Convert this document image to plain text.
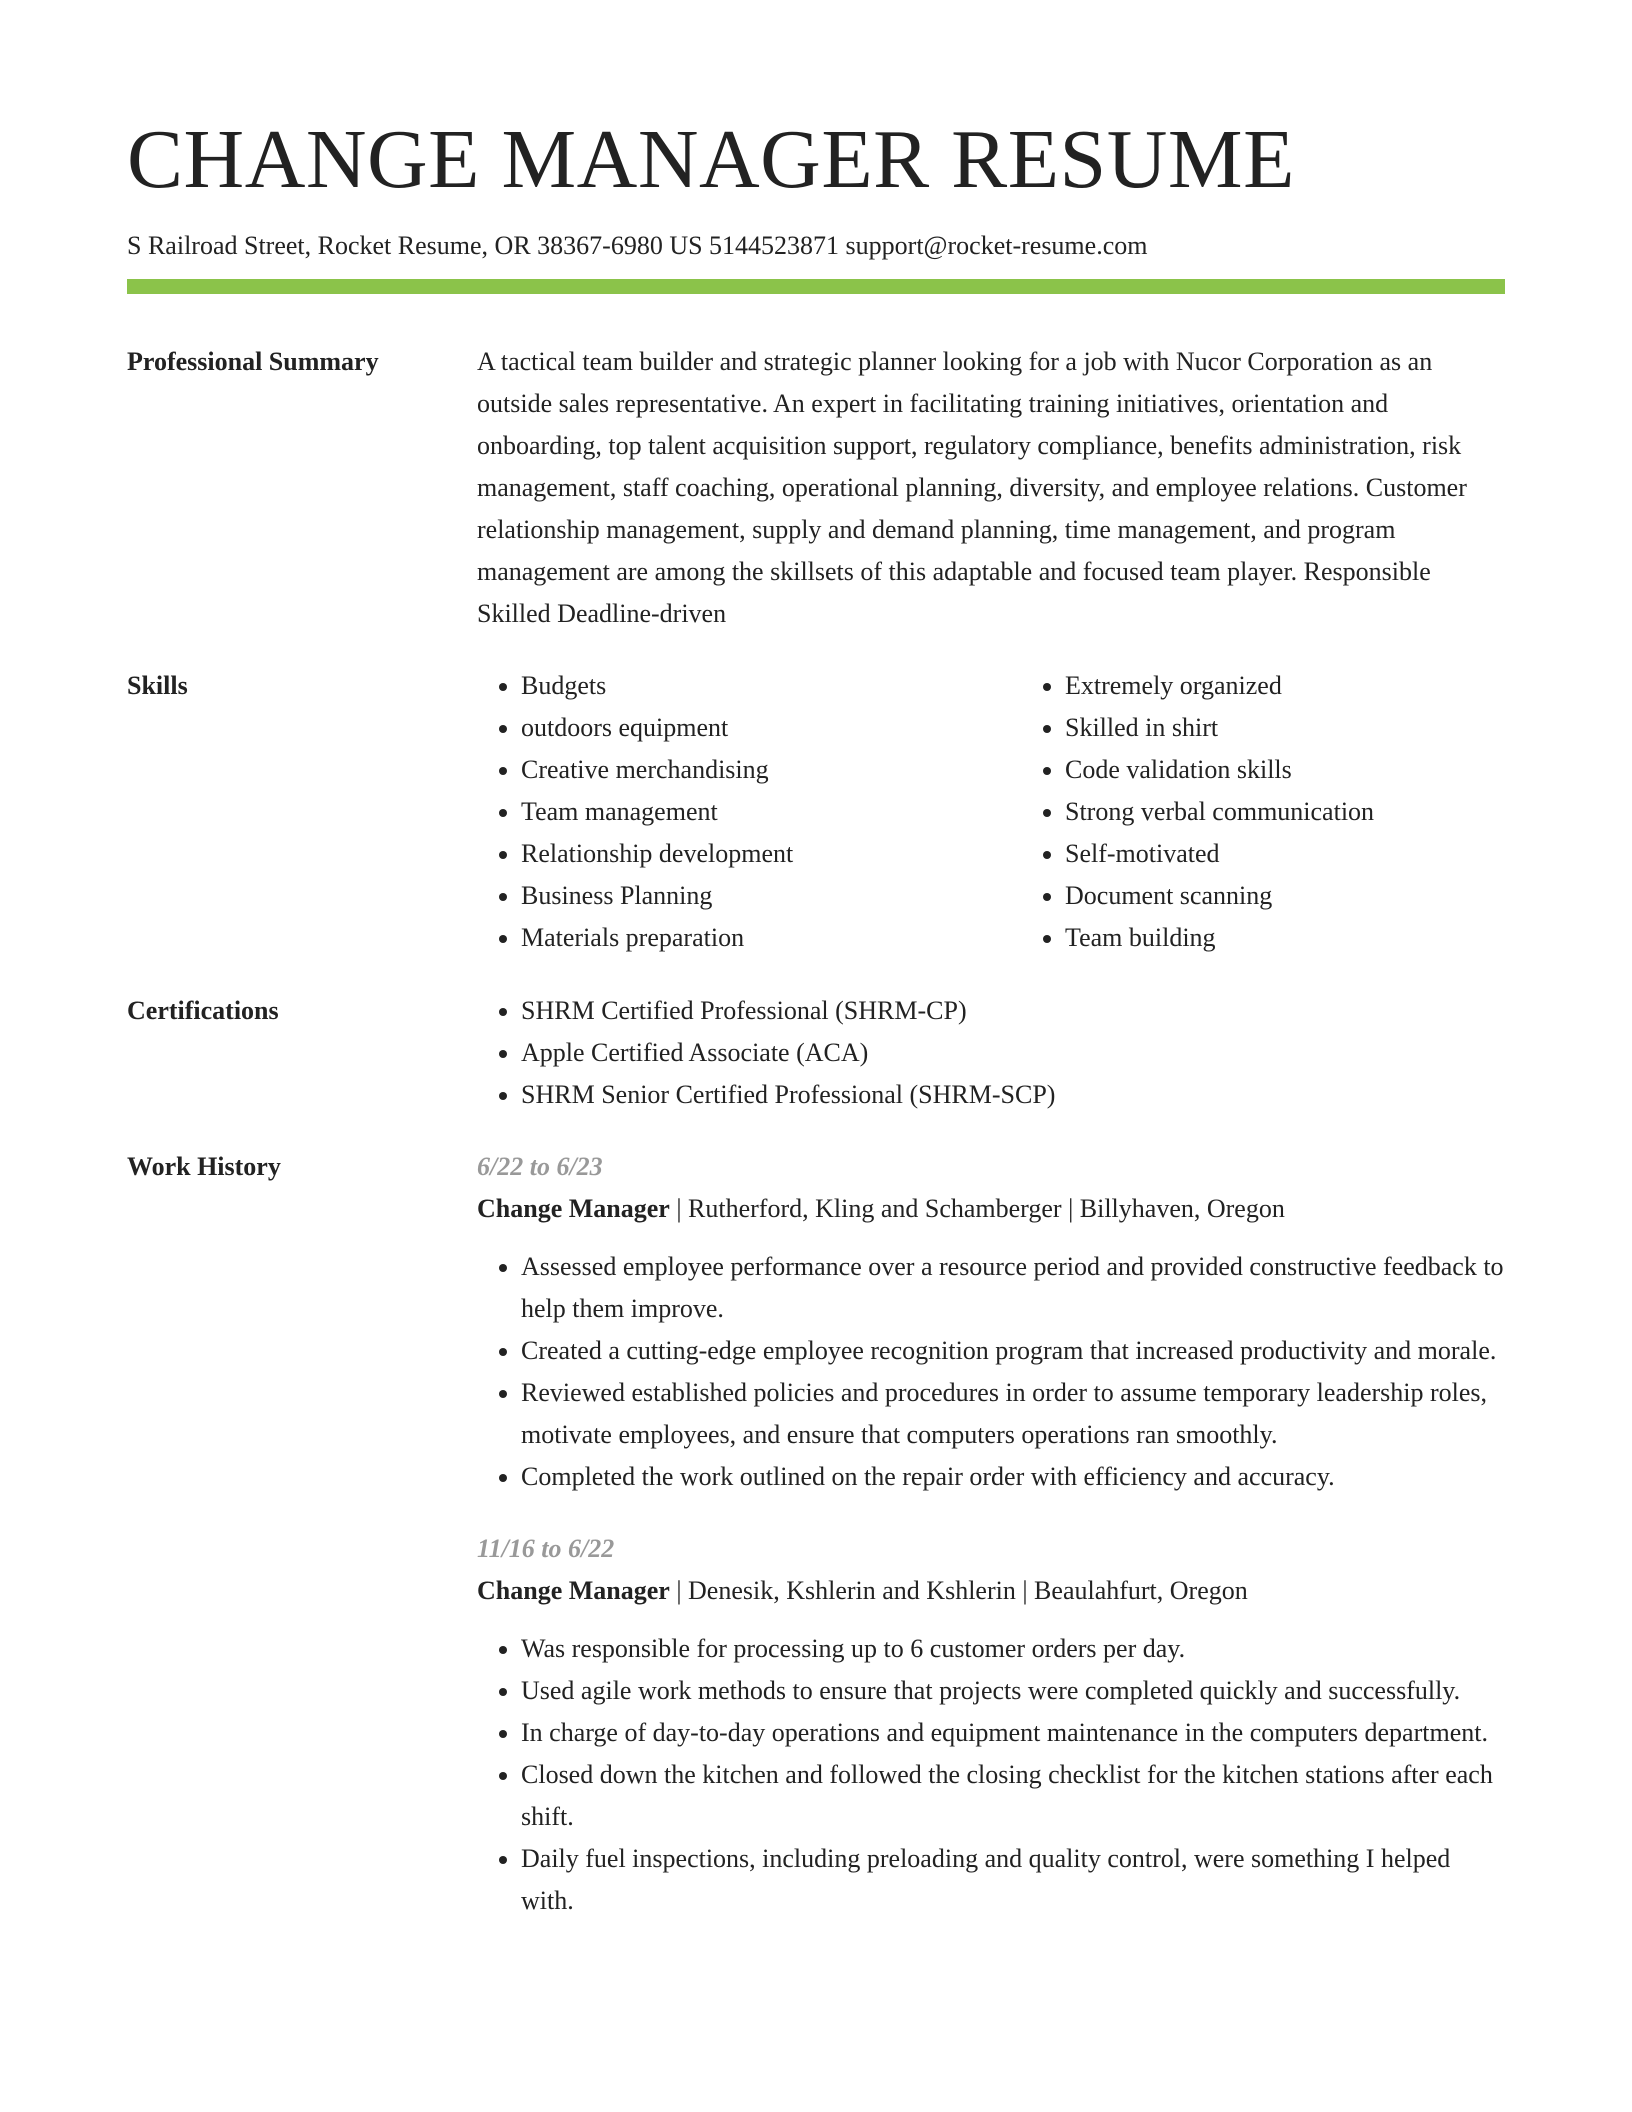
CHANGE MANAGER RESUME
S Railroad Street, Rocket Resume, OR 38367-6980 US 5144523871 support@rocket-resume.com
Professional Summary	A tactical team builder and strategic planner looking for a job with Nucor Corporation as an outside sales representative. An expert in facilitating training initiatives, orientation and onboarding, top talent acquisition support, regulatory compliance, benefits administration, risk management, staff coaching, operational planning, diversity, and employee relations. Customer relationship management, supply and demand planning, time management, and program management are among the skillsets of this adaptable and focused team player. Responsible Skilled Deadline-driven

Skills	• Budgets
• outdoors equipment
• Creative merchandising
• Team management
• Relationship development
• Business Planning
• Materials preparation
• Extremely organized
• Skilled in shirt
• Code validation skills
• Strong verbal communication
• Self-motivated
• Document scanning
• Team building
Certifications	• SHRM Certified Professional (SHRM-CP)
• Apple Certified Associate (ACA)
• SHRM Senior Certified Professional (SHRM-SCP)
Work History	6/22 to 6/23
Change Manager | Rutherford, Kling and Schamberger | Billyhaven, Oregon
• Assessed employee performance over a resource period and provided constructive feedback to help them improve.
• Created a cutting-edge employee recognition program that increased productivity and morale.
• Reviewed established policies and procedures in order to assume temporary leadership roles, motivate employees, and ensure that computers operations ran smoothly.
• Completed the work outlined on the repair order with efficiency and accuracy.
11/16 to 6/22
Change Manager | Denesik, Kshlerin and Kshlerin | Beaulahfurt, Oregon
• Was responsible for processing up to 6 customer orders per day.
• Used agile work methods to ensure that projects were completed quickly and successfully.
• In charge of day-to-day operations and equipment maintenance in the computers department.
• Closed down the kitchen and followed the closing checklist for the kitchen stations after each shift.
• Daily fuel inspections, including preloading and quality control, were something I helped with.
